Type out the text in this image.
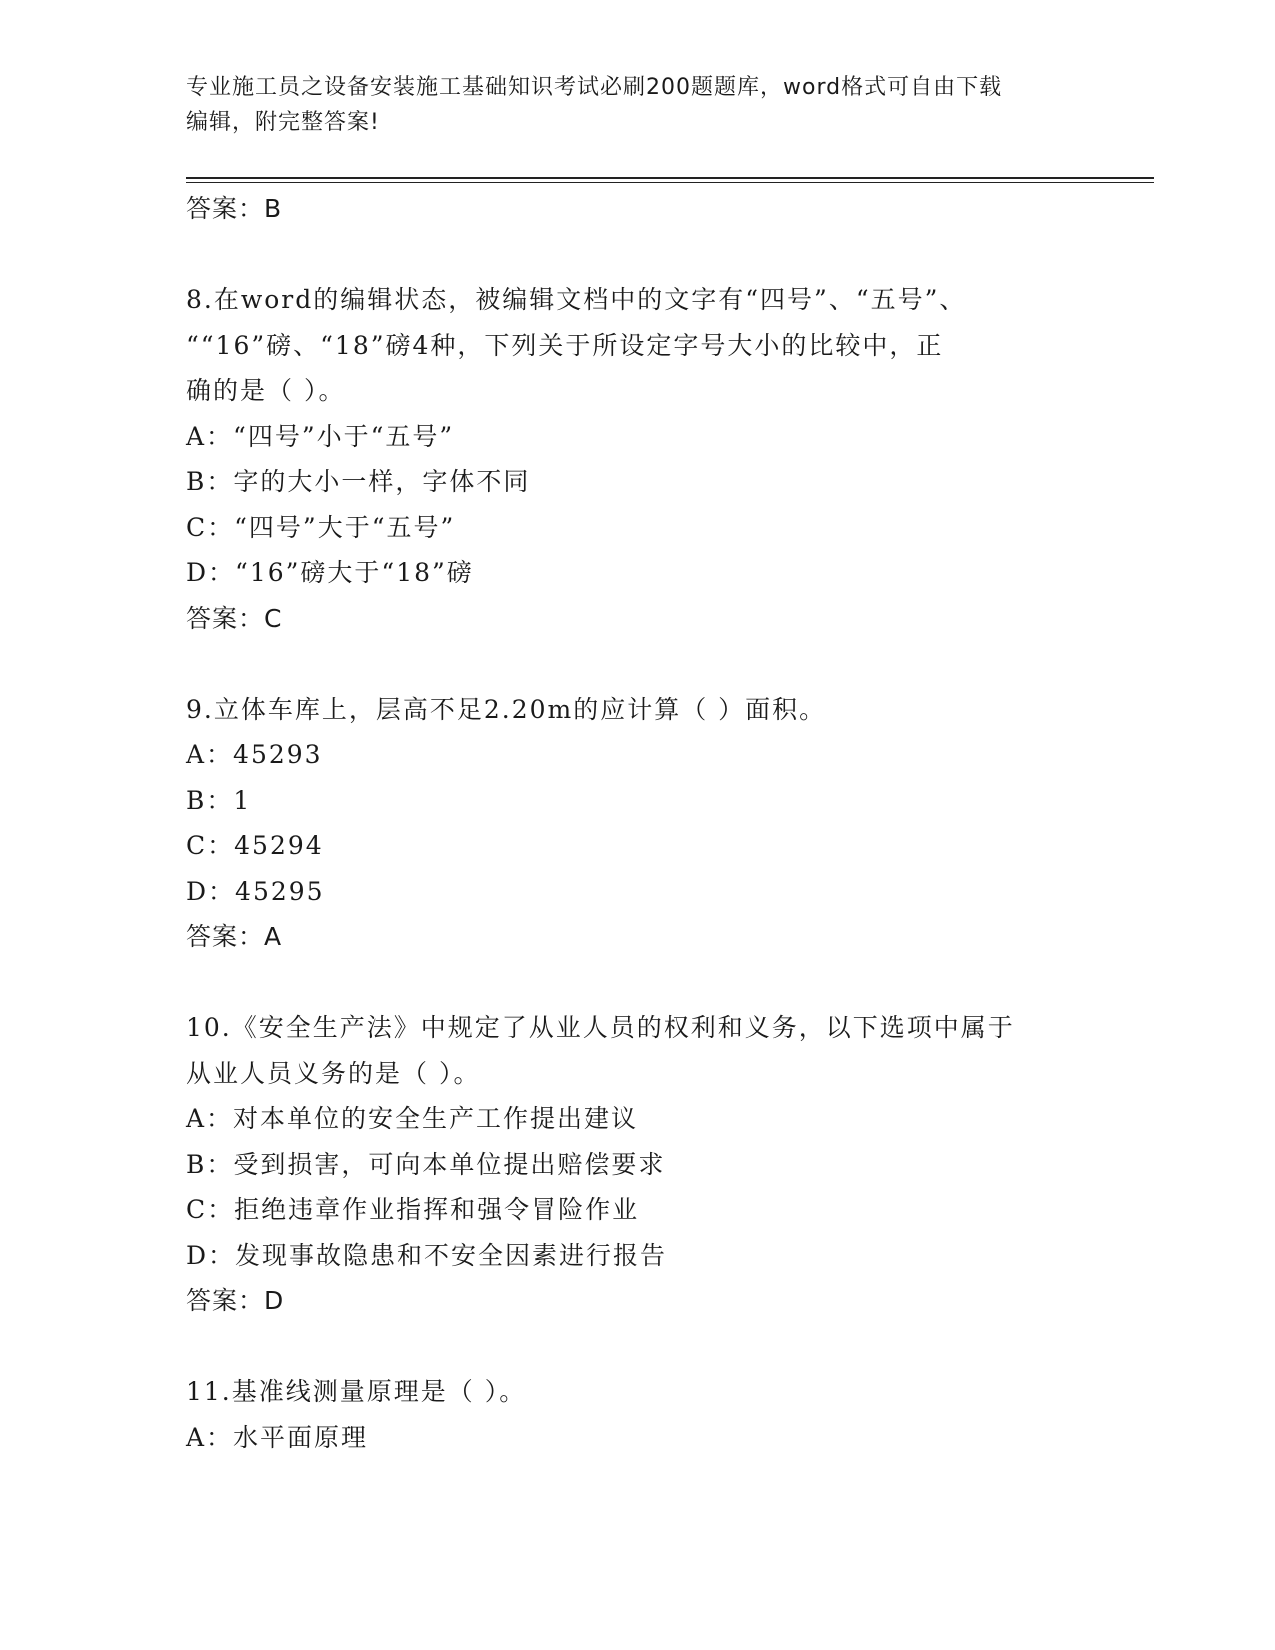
专业施工员之设备安装施工基础知识考试必刷200题题库，word格式可自由下载
编辑，附完整答案!
答案：B
8.在word的编辑状态，被编辑文档中的文字有“四号”、“五号”、
““16”磅、“18”磅4种，下列关于所设定字号大小的比较中，正
确的是（ ）。
A：“四号”小于“五号”
B：字的大小一样，字体不同
C：“四号”大于“五号”
D：“16”磅大于“18”磅
答案：C
9.立体车库上，层高不足2.20m的应计算（ ）面积。
A：45293
B：1
C：45294
D：45295
答案：A
10.《安全生产法》中规定了从业人员的权利和义务，以下选项中属于
从业人员义务的是（ ）。
A：对本单位的安全生产工作提出建议
B：受到损害，可向本单位提出赔偿要求
C：拒绝违章作业指挥和强令冒险作业
D：发现事故隐患和不安全因素进行报告
答案：D
11.基准线测量原理是（ ）。
A：水平面原理
